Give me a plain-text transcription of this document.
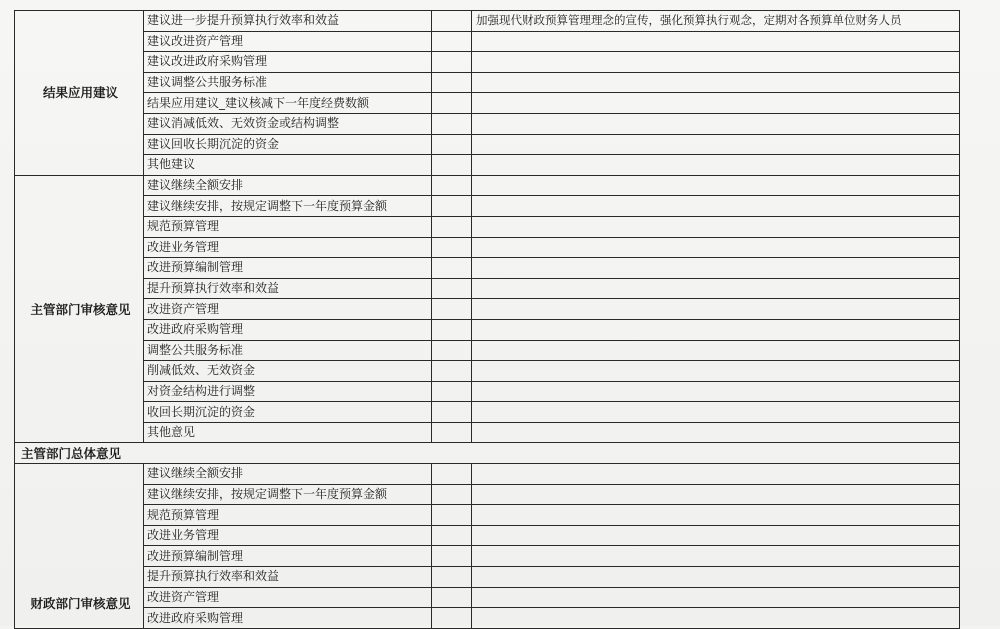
结果应用建议	建议进一步提升预算执行效率和效益		加强现代财政预算管理理念的宣传，强化预算执行观念，定期对各预算单位财务人员
	建议改进资产管理		
	建议改进政府采购管理		
	建议调整公共服务标准		
	结果应用建议_建议核减下一年度经费数额		
	建议消减低效、无效资金或结构调整		
	建议回收长期沉淀的资金		
	其他建议		
主管部门审核意见	建议继续全额安排		
	建议继续安排，按规定调整下一年度预算金额		
	规范预算管理		
	改进业务管理		
	改进预算编制管理		
	提升预算执行效率和效益		
	改进资产管理		
	改进政府采购管理		
	调整公共服务标准		
	削减低效、无效资金		
	对资金结构进行调整		
	收回长期沉淀的资金		
	其他意见		
主管部门总体意见			
财政部门审核意见	建议继续全额安排		
	建议继续安排，按规定调整下一年度预算金额		
	规范预算管理		
	改进业务管理		
	改进预算编制管理		
	提升预算执行效率和效益		
	改进资产管理		
	改进政府采购管理		
